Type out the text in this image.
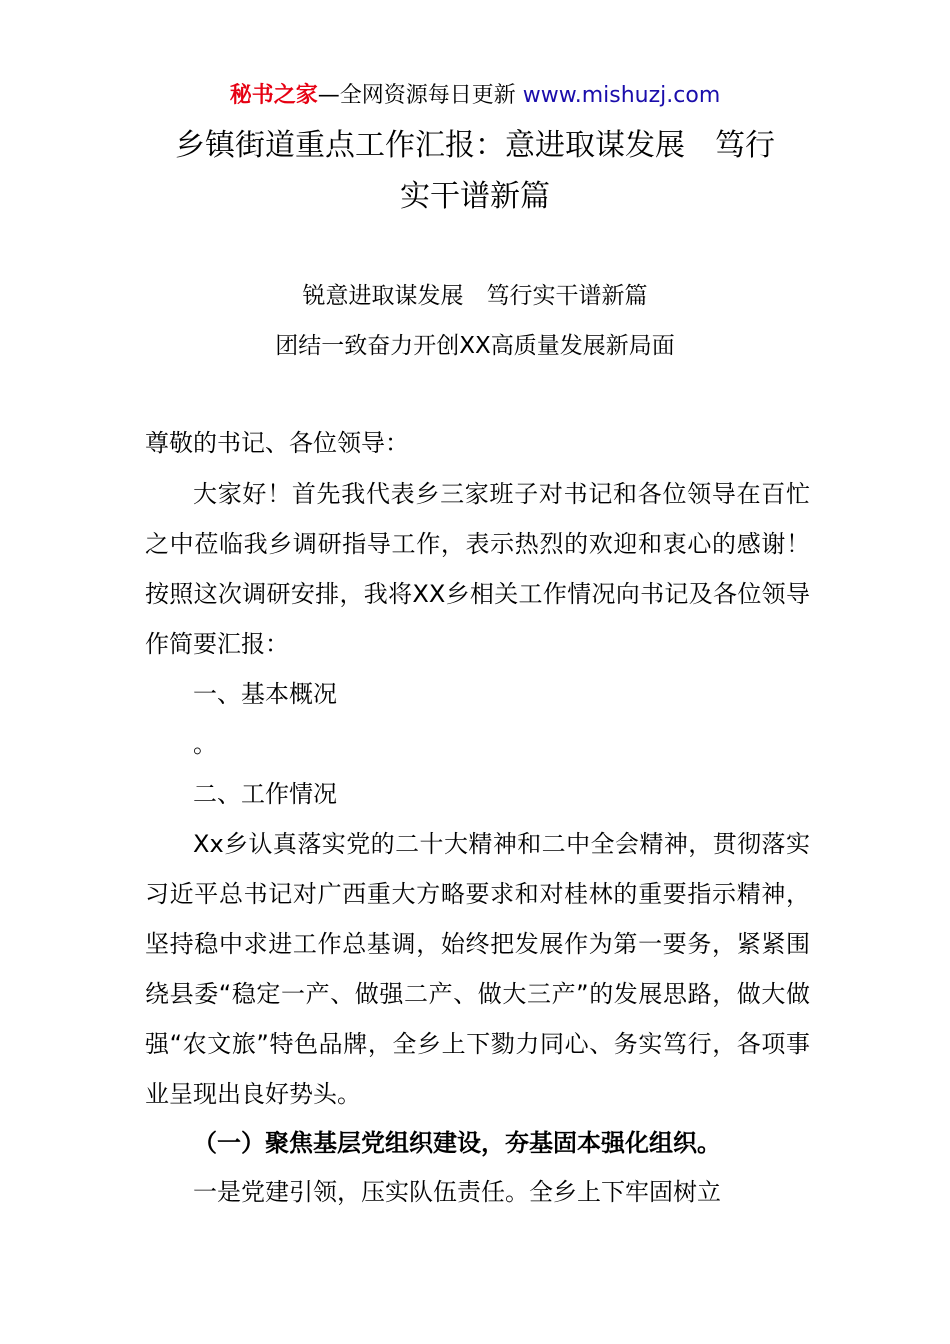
秘书之家—全网资源每日更新 www.mishuzj.com
乡镇街道重点工作汇报：意进取谋发展　笃行
实干谱新篇
锐意进取谋发展　笃行实干谱新篇
团结一致奋力开创XX高质量发展新局面
尊敬的书记、各位领导：
大家好！首先我代表乡三家班子对书记和各位领导在百忙之中莅临我乡调研指导工作，表示热烈的欢迎和衷心的感谢！按照这次调研安排，我将XX乡相关工作情况向书记及各位领导作简要汇报：
一、基本概况
。
二、工作情况
Xx乡认真落实党的二十大精神和二中全会精神，贯彻落实习近平总书记对广西重大方略要求和对桂林的重要指示精神，坚持稳中求进工作总基调，始终把发展作为第一要务，紧紧围绕县委“稳定一产、做强二产、做大三产”的发展思路，做大做强“农文旅”特色品牌，全乡上下勠力同心、务实笃行，各项事业呈现出良好势头。
（一）聚焦基层党组织建设，夯基固本强化组织。
一是党建引领，压实队伍责任。全乡上下牢固树立
